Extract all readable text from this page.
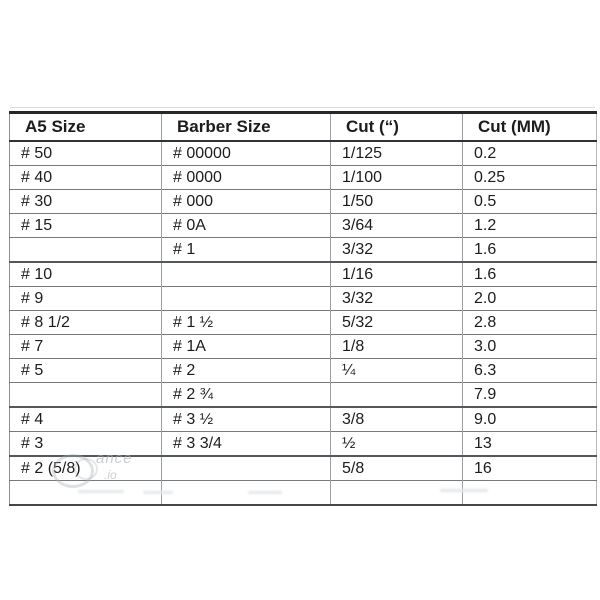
A5 Size	Barber Size	Cut (“)	Cut (MM)
# 50	# 00000	1/125	0.2
# 40	# 0000	1/100	0.25
# 30	# 000	1/50	0.5
# 15	# 0A	3/64	1.2
	# 1	3/32	1.6
# 10		1/16	1.6
# 9		3/32	2.0
# 8 1/2	# 1 ½	5/32	2.8
# 7	# 1A	1/8	3.0
# 5	# 2	¼	6.3
	# 2 ¾		7.9
# 4	# 3 ½	3/8	9.0
# 3	# 3 3/4	½	13
# 2 (5/8)		5/8	16

ance
.io
